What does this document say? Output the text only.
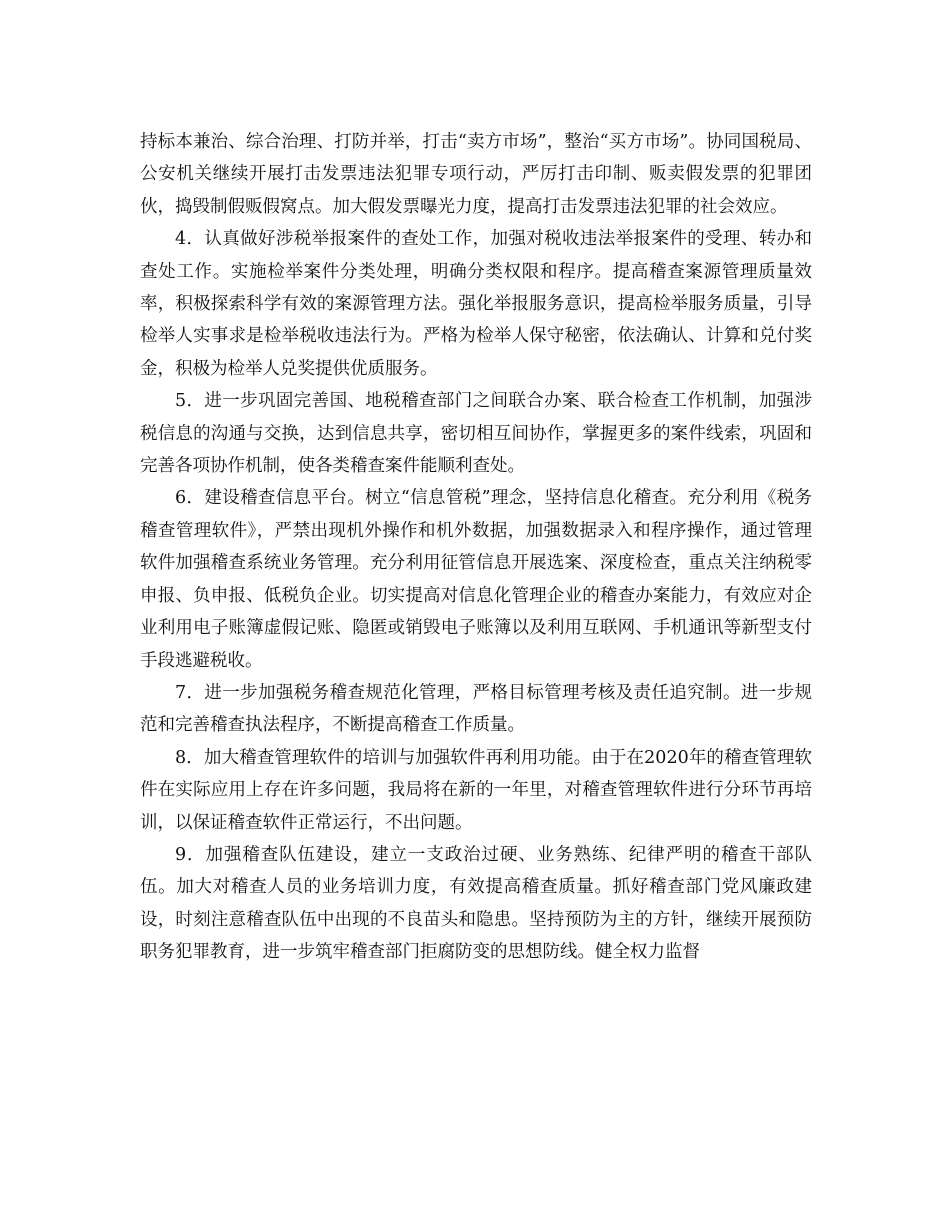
持标本兼治、综合治理、打防并举，打击“卖方市场”，整治“买方市场”。协同国税局、公安机关继续开展打击发票违法犯罪专项行动，严厉打击印制、贩卖假发票的犯罪团伙，捣毁制假贩假窝点。加大假发票曝光力度，提高打击发票违法犯罪的社会效应。

4．认真做好涉税举报案件的查处工作，加强对税收违法举报案件的受理、转办和查处工作。实施检举案件分类处理，明确分类权限和程序。提高稽查案源管理质量效率，积极探索科学有效的案源管理方法。强化举报服务意识，提高检举服务质量，引导检举人实事求是检举税收违法行为。严格为检举人保守秘密，依法确认、计算和兑付奖金，积极为检举人兑奖提供优质服务。

5．进一步巩固完善国、地税稽查部门之间联合办案、联合检查工作机制，加强涉税信息的沟通与交换，达到信息共享，密切相互间协作，掌握更多的案件线索，巩固和完善各项协作机制，使各类稽查案件能顺利查处。

6．建设稽查信息平台。树立“信息管税”理念，坚持信息化稽查。充分利用《税务稽查管理软件》，严禁出现机外操作和机外数据，加强数据录入和程序操作，通过管理软件加强稽查系统业务管理。充分利用征管信息开展选案、深度检查，重点关注纳税零申报、负申报、低税负企业。切实提高对信息化管理企业的稽查办案能力，有效应对企业利用电子账簿虚假记账、隐匿或销毁电子账簿以及利用互联网、手机通讯等新型支付手段逃避税收。

7．进一步加强税务稽查规范化管理，严格目标管理考核及责任追究制。进一步规范和完善稽查执法程序，不断提高稽查工作质量。

8．加大稽查管理软件的培训与加强软件再利用功能。由于在2020年的稽查管理软件在实际应用上存在许多问题，我局将在新的一年里，对稽查管理软件进行分环节再培训，以保证稽查软件正常运行，不出问题。

9．加强稽查队伍建设，建立一支政治过硬、业务熟练、纪律严明的稽查干部队伍。加大对稽查人员的业务培训力度，有效提高稽查质量。抓好稽查部门党风廉政建设，时刻注意稽查队伍中出现的不良苗头和隐患。坚持预防为主的方针，继续开展预防职务犯罪教育，进一步筑牢稽查部门拒腐防变的思想防线。健全权力监督
